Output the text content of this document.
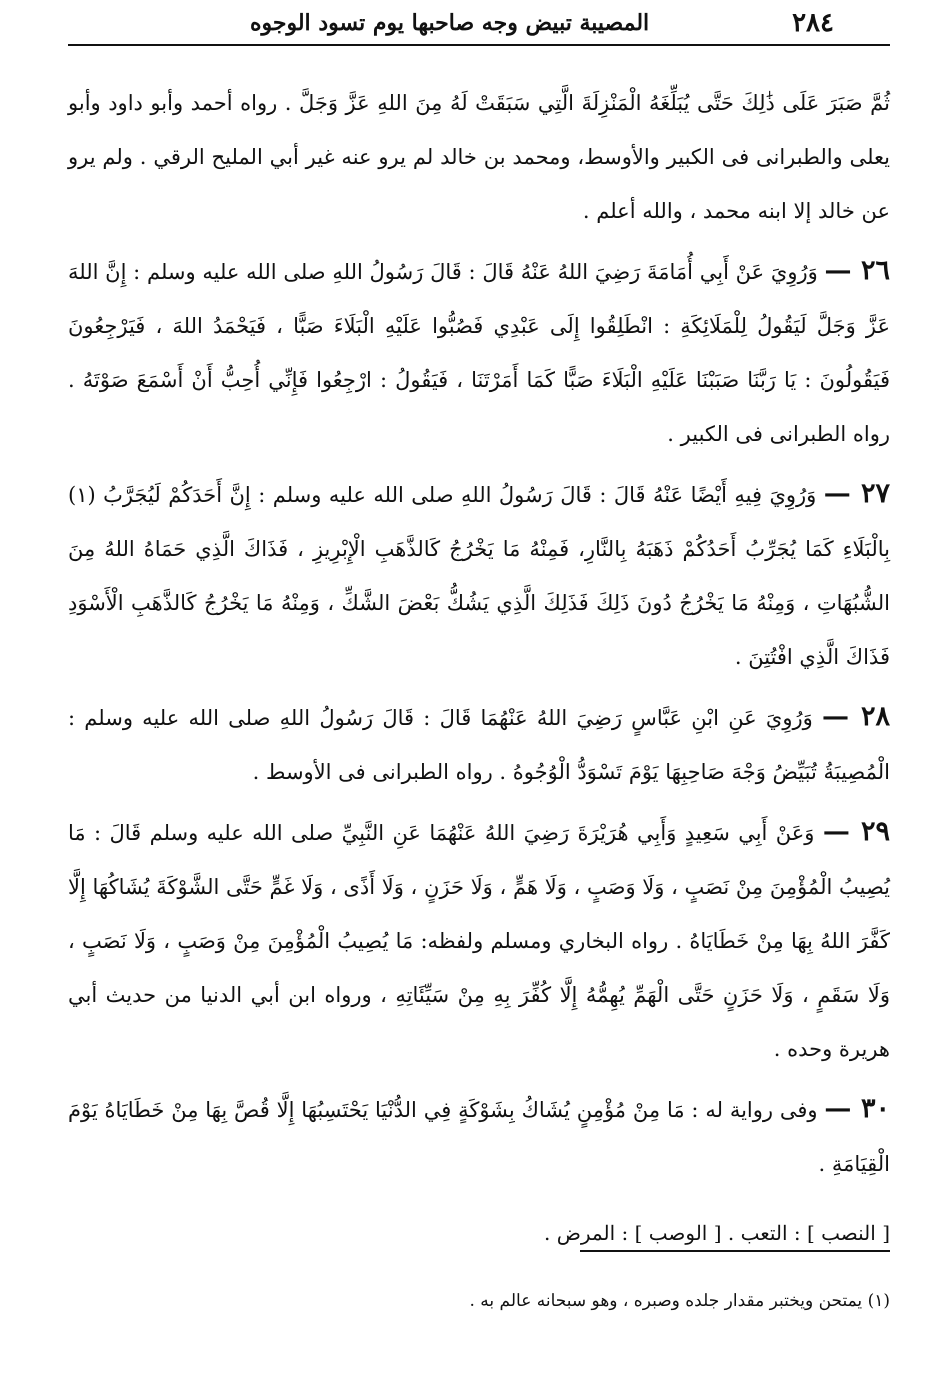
٢٨٤
المصيبة تبيض وجه صاحبها يوم تسود الوجوه

ثُمَّ صَبَرَ عَلَى ذَٰلِكَ حَتَّى يُبَلِّغَهُ الْمَنْزِلَةَ الَّتِي سَبَقَتْ لَهُ مِنَ اللهِ عَزَّ وَجَلَّ . رواه أحمد وأبو داود وأبو يعلى والطبرانى فى الكبير والأوسط، ومحمد بن خالد لم يرو عنه غير أبي المليح الرقي . ولم يرو عن خالد إلا ابنه محمد ، والله أعلم .

٢٦ — وَرُوِيَ عَنْ أَبِي أُمَامَةَ رَضِيَ اللهُ عَنْهُ قَالَ : قَالَ رَسُولُ اللهِ صلى الله عليه وسلم : إِنَّ اللهَ عَزَّ وَجَلَّ لَيَقُولُ لِلْمَلَائِكَةِ : انْطَلِقُوا إِلَى عَبْدِي فَصُبُّوا عَلَيْهِ الْبَلَاءَ صَبًّا ، فَيَحْمَدُ اللهَ ، فَيَرْجِعُونَ فَيَقُولُونَ : يَا رَبَّنَا صَبَبْنَا عَلَيْهِ الْبَلَاءَ صَبًّا كَمَا أَمَرْتَنَا ، فَيَقُولُ : ارْجِعُوا فَإِنِّي أُحِبُّ أَنْ أَسْمَعَ صَوْتَهُ . رواه الطبرانى فى الكبير .

٢٧ — وَرُوِيَ فِيهِ أَيْضًا عَنْهُ قَالَ : قَالَ رَسُولُ اللهِ صلى الله عليه وسلم : إِنَّ أَحَدَكُمْ لَيُجَرَّبُ (١) بِالْبَلَاءِ كَمَا يُجَرِّبُ أَحَدُكُمْ ذَهَبَهُ بِالنَّارِ، فَمِنْهُ مَا يَخْرُجُ كَالذَّهَبِ الْإِبْرِيزِ ، فَذَاكَ الَّذِي حَمَاهُ اللهُ مِنَ الشُّبُهَاتِ ، وَمِنْهُ مَا يَخْرُجُ دُونَ ذَلِكَ فَذَلِكَ الَّذِي يَشُكُّ بَعْضَ الشَّكِّ ، وَمِنْهُ مَا يَخْرُجُ كَالذَّهَبِ الْأَسْوَدِ فَذَاكَ الَّذِي افْتُتِنَ .

٢٨ — وَرُوِيَ عَنِ ابْنِ عَبَّاسٍ رَضِيَ اللهُ عَنْهُمَا قَالَ : قَالَ رَسُولُ اللهِ صلى الله عليه وسلم : الْمُصِيبَةُ تُبَيِّضُ وَجْهَ صَاحِبِهَا يَوْمَ تَسْوَدُّ الْوُجُوهُ . رواه الطبرانى فى الأوسط .

٢٩ — وَعَنْ أَبِي سَعِيدٍ وَأَبِي هُرَيْرَةَ رَضِيَ اللهُ عَنْهُمَا عَنِ النَّبِيِّ صلى الله عليه وسلم قَالَ : مَا يُصِيبُ الْمُؤْمِنَ مِنْ نَصَبٍ ، وَلَا وَصَبٍ ، وَلَا هَمٍّ ، وَلَا حَزَنٍ ، وَلَا أَذًى ، وَلَا غَمٍّ حَتَّى الشَّوْكَةَ يُشَاكُهَا إِلَّا كَفَّرَ اللهُ بِهَا مِنْ خَطَايَاهُ . رواه البخاري ومسلم ولفظه: مَا يُصِيبُ الْمُؤْمِنَ مِنْ وَصَبٍ ، وَلَا نَصَبٍ ، وَلَا سَقَمٍ ، وَلَا حَزَنٍ حَتَّى الْهَمِّ يُهِمُّهُ إِلَّا كُفِّرَ بِهِ مِنْ سَيِّئَاتِهِ ، ورواه ابن أبي الدنيا من حديث أبي هريرة وحده .

٣٠ — وفى رواية له : مَا مِنْ مُؤْمِنٍ يُشَاكُ بِشَوْكَةٍ فِي الدُّنْيَا يَحْتَسِبُهَا إِلَّا قُصَّ بِهَا مِنْ خَطَايَاهُ يَوْمَ الْقِيَامَةِ .

[ النصب ] : التعب . [ الوصب ] : المرض .

(١) يمتحن ويختبر مقدار جلده وصبره ، وهو سبحانه عالم به .
